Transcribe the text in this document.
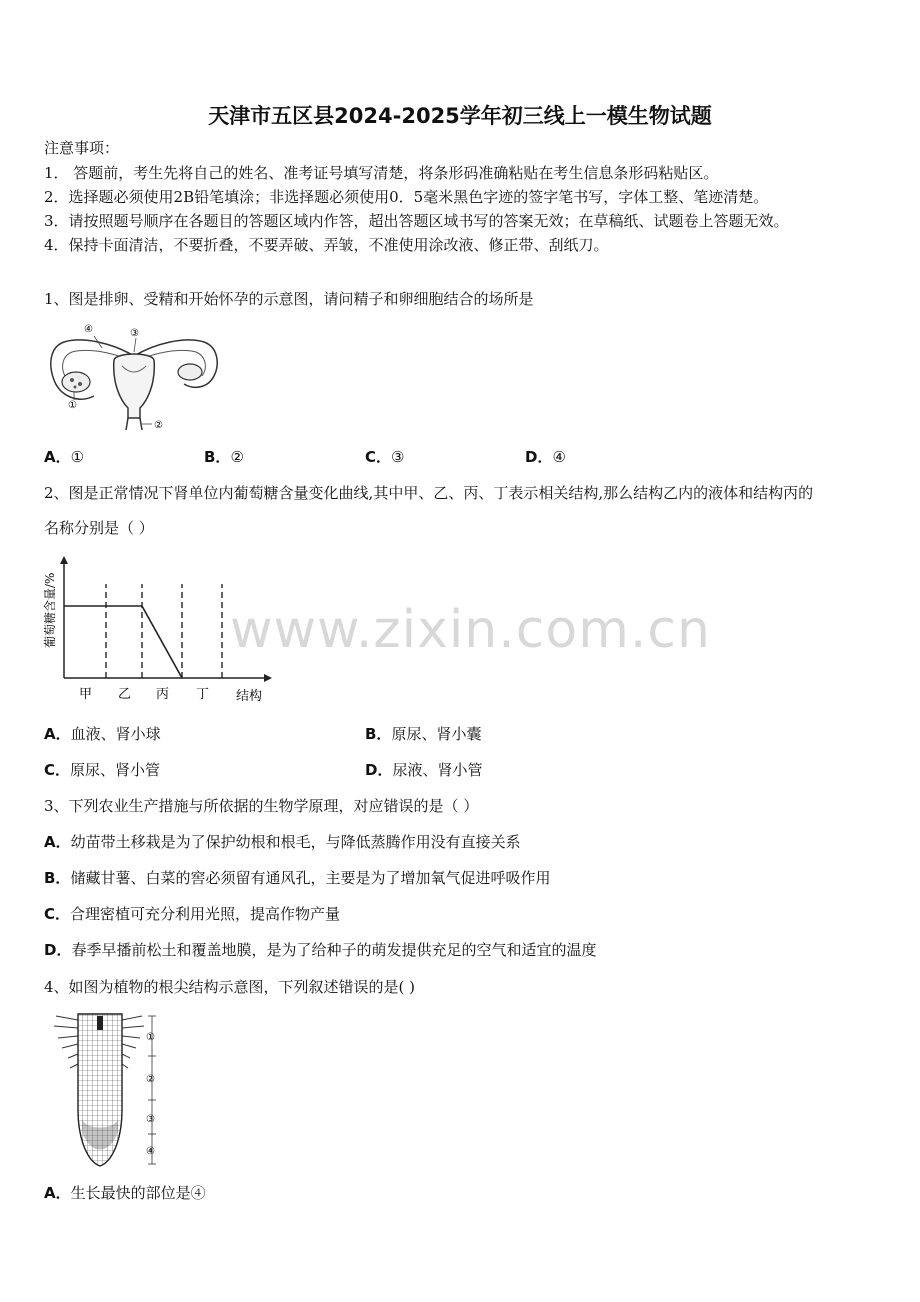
天津市五区县2024-2025学年初三线上一模生物试题
注意事项：
1． 答题前，考生先将自己的姓名、准考证号填写清楚，将条形码准确粘贴在考生信息条形码粘贴区。
2．选择题必须使用2B铅笔填涂；非选择题必须使用0．5毫米黑色字迹的签字笔书写，字体工整、笔迹清楚。
3．请按照题号顺序在各题目的答题区域内作答，超出答题区域书写的答案无效；在草稿纸、试题卷上答题无效。
4．保持卡面清洁，不要折叠，不要弄破、弄皱，不准使用涂改液、修正带、刮纸刀。
www.zixin.com.cn
1、图是排卵、受精和开始怀孕的示意图，请问精子和卵细胞结合的场所是
④	③
①
②
A．①	B．②	C．③	D．④
2、图是正常情况下肾单位内葡萄糖含量变化曲线,其中甲、乙、丙、丁表示相关结构,那么结构乙内的液体和结构丙的
名称分别是（ ）
葡萄糖含量/%
结构
甲 乙 丙 丁
A．血液、肾小球	B．原尿、肾小囊
C．原尿、肾小管	D．尿液、肾小管
3、下列农业生产措施与所依据的生物学原理，对应错误的是（ ）
A．幼苗带土移栽是为了保护幼根和根毛，与降低蒸腾作用没有直接关系
B．储藏甘薯、白菜的窖必须留有通风孔，主要是为了增加氧气促进呼吸作用
C．合理密植可充分利用光照，提高作物产量
D．春季早播前松土和覆盖地膜，是为了给种子的萌发提供充足的空气和适宜的温度
4、如图为植物的根尖结构示意图，下列叙述错误的是( )
①
②
③
④
A．生长最快的部位是④
